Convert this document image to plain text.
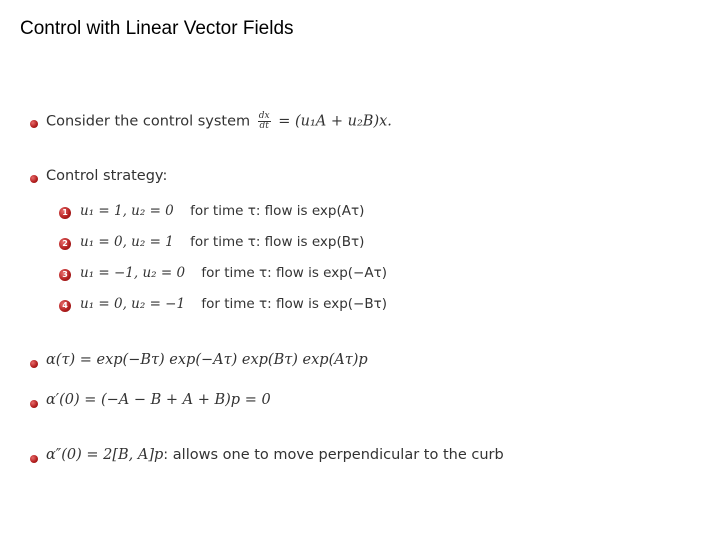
Control with Linear Vector Fields
Consider the control system $\frac{dx}{dt} = (u_1A + u_2B)x$.
Control strategy:
1 u₁ = 1, u₂ = 0 for time τ: flow is exp(Aτ)
2 u₁ = 0, u₂ = 1 for time τ: flow is exp(Bτ)
3 u₁ = −1, u₂ = 0 for time τ: flow is exp(−Aτ)
4 u₁ = 0, u₂ = −1 for time τ: flow is exp(−Bτ)
α(τ) = exp(−Bτ) exp(−Aτ) exp(Bτ) exp(Aτ)p
α′(0) = (−A − B + A + B)p = 0
α″(0) = 2[B, A]p: allows one to move perpendicular to the curb
